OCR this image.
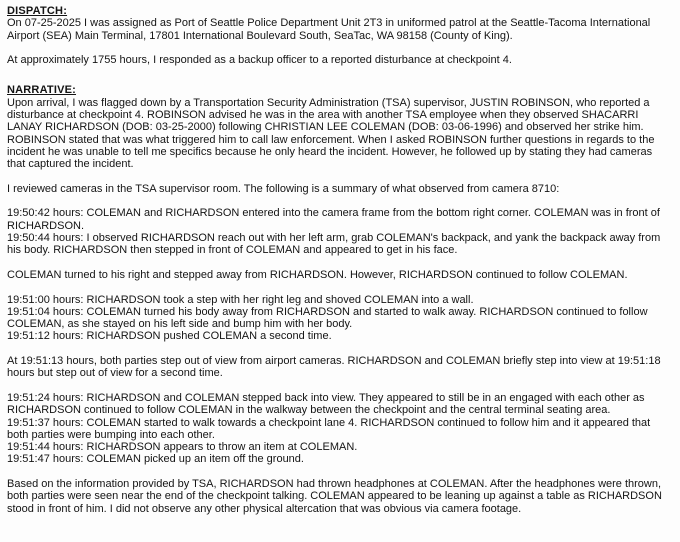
DISPATCH:

On 07-25-2025 I was assigned as Port of Seattle Police Department Unit 2T3 in uniformed patrol at the Seattle-Tacoma International Airport (SEA) Main Terminal, 17801 International Boulevard South, SeaTac, WA 98158 (County of King).

At approximately 1755 hours, I responded as a backup officer to a reported disturbance at checkpoint 4.

NARRATIVE:

Upon arrival, I was flagged down by a Transportation Security Administration (TSA) supervisor, JUSTIN ROBINSON, who reported a disturbance at checkpoint 4. ROBINSON advised he was in the area with another TSA employee when they observed SHACARRI LANAY RICHARDSON (DOB: 03-25-2000) following CHRISTIAN LEE COLEMAN (DOB: 03-06-1996) and observed her strike him. ROBINSON stated that was what triggered him to call law enforcement. When I asked ROBINSON further questions in regards to the incident he was unable to tell me specifics because he only heard the incident. However, he followed up by stating they had cameras that captured the incident.

I reviewed cameras in the TSA supervisor room. The following is a summary of what observed from camera 8710:

19:50:42 hours: COLEMAN and RICHARDSON entered into the camera frame from the bottom right corner. COLEMAN was in front of RICHARDSON.

19:50:44 hours: I observed RICHARDSON reach out with her left arm, grab COLEMAN's backpack, and yank the backpack away from his body. RICHARDSON then stepped in front of COLEMAN and appeared to get in his face.

COLEMAN turned to his right and stepped away from RICHARDSON. However, RICHARDSON continued to follow COLEMAN.

19:51:00 hours: RICHARDSON took a step with her right leg and shoved COLEMAN into a wall.

19:51:04 hours: COLEMAN turned his body away from RICHARDSON and started to walk away. RICHARDSON continued to follow COLEMAN, as she stayed on his left side and bump him with her body.

19:51:12 hours: RICHARDSON pushed COLEMAN a second time.

At 19:51:13 hours, both parties step out of view from airport cameras. RICHARDSON and COLEMAN briefly step into view at 19:51:18 hours but step out of view for a second time.

19:51:24 hours: RICHARDSON and COLEMAN stepped back into view. They appeared to still be in an engaged with each other as RICHARDSON continued to follow COLEMAN in the walkway between the checkpoint and the central terminal seating area.

19:51:37 hours: COLEMAN started to walk towards a checkpoint lane 4. RICHARDSON continued to follow him and it appeared that both parties were bumping into each other.

19:51:44 hours: RICHARDSON appears to throw an item at COLEMAN.

19:51:47 hours: COLEMAN picked up an item off the ground.

Based on the information provided by TSA, RICHARDSON had thrown headphones at COLEMAN. After the headphones were thrown, both parties were seen near the end of the checkpoint talking. COLEMAN appeared to be leaning up against a table as RICHARDSON stood in front of him. I did not observe any other physical altercation that was obvious via camera footage.
